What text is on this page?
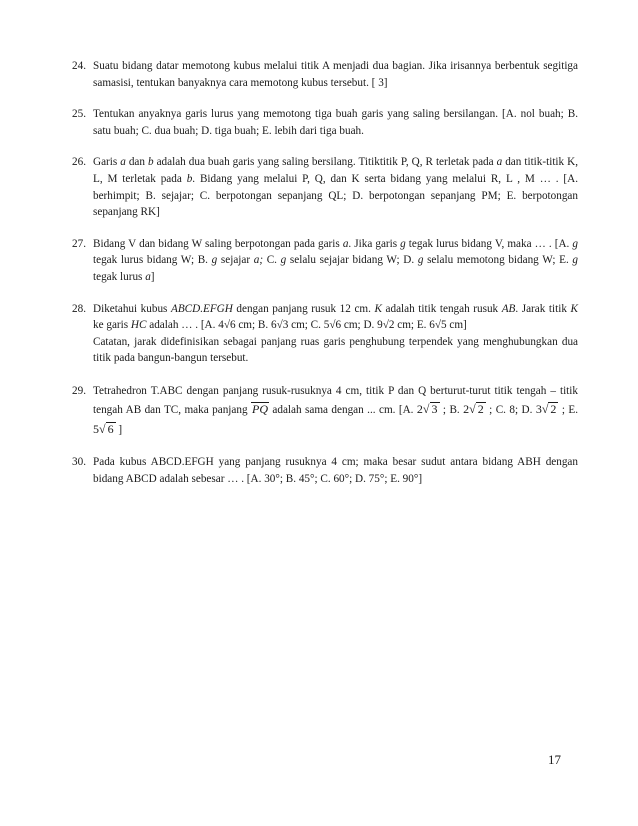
24. Suatu bidang datar memotong kubus melalui titik A menjadi dua bagian. Jika irisannya berbentuk segitiga samasisi, tentukan banyaknya cara memotong kubus tersebut. [ 3]
25. Tentukan anyaknya garis lurus yang memotong tiga buah garis yang saling bersilangan. [A. nol buah; B. satu buah; C. dua buah; D. tiga buah; E. lebih dari tiga buah.
26. Garis a dan b adalah dua buah garis yang saling bersilang. Titiktitik P, Q, R terletak pada a dan titik-titik K, L, M terletak pada b. Bidang yang melalui P, Q, dan K serta bidang yang melalui R, L , M … . [A. berhimpit; B. sejajar; C. berpotongan sepanjang QL; D. berpotongan sepanjang PM; E. berpotongan sepanjang RK]
27. Bidang V dan bidang W saling berpotongan pada garis a. Jika garis g tegak lurus bidang V, maka … . [A. g tegak lurus bidang W; B. g sejajar a; C. g selalu sejajar bidang W; D. g selalu memotong bidang W; E. g tegak lurus a]
28. Diketahui kubus ABCD.EFGH dengan panjang rusuk 12 cm. K adalah titik tengah rusuk AB. Jarak titik K ke garis HC adalah … . [A. 4√6 cm; B. 6√3 cm; C. 5√6 cm; D. 9√2 cm; E. 6√5 cm]
Catatan, jarak didefinisikan sebagai panjang ruas garis penghubung terpendek yang menghubungkan dua titik pada bangun-bangun tersebut.
29. Tetrahedron T.ABC dengan panjang rusuk-rusuknya 4 cm, titik P dan Q berturut-turut titik tengah – titik tengah AB dan TC, maka panjang PQ adalah sama dengan ... cm. [A. 2√ 3 ; B. 2√ 2 ; C. 8; D. 3√ 2 ; E. 5√ 6 ]
30. Pada kubus ABCD.EFGH yang panjang rusuknya 4 cm; maka besar sudut antara bidang ABH dengan bidang ABCD adalah sebesar … . [A. 30°; B. 45°; C. 60°; D. 75°; E. 90°]
17
